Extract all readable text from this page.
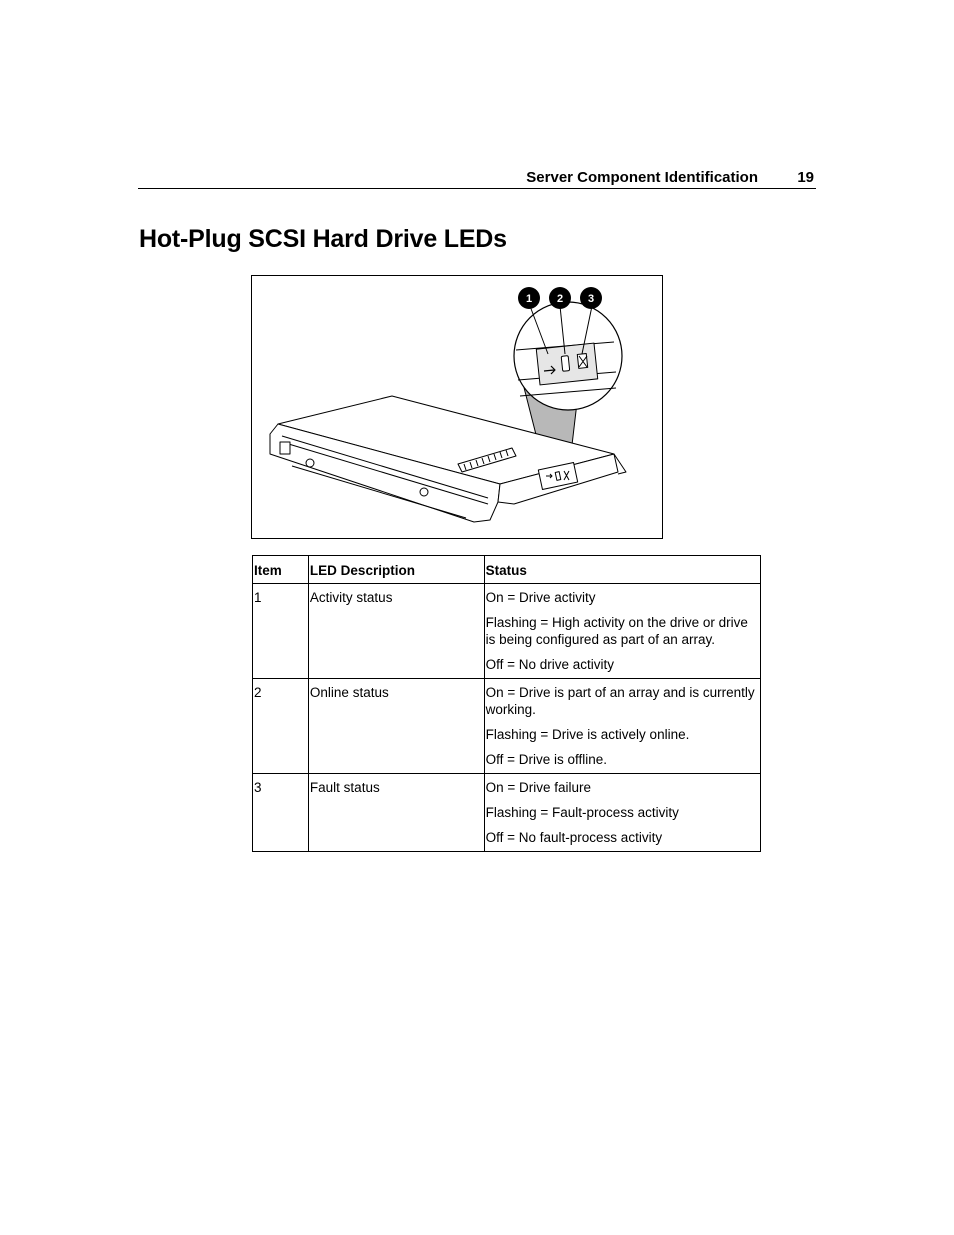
Server Component Identification	19
Hot-Plug SCSI Hard Drive LEDs
1 2 3
Item	LED Description	Status
1	Activity status	On = Drive activity
Flashing = High activity on the drive or drive is being configured as part of an array.
Off = No drive activity

2	Online status	On = Drive is part of an array and is currently working.
Flashing = Drive is actively online.
Off = Drive is offline.

3	Fault status	On = Drive failure
Flashing = Fault-process activity
Off = No fault-process activity
